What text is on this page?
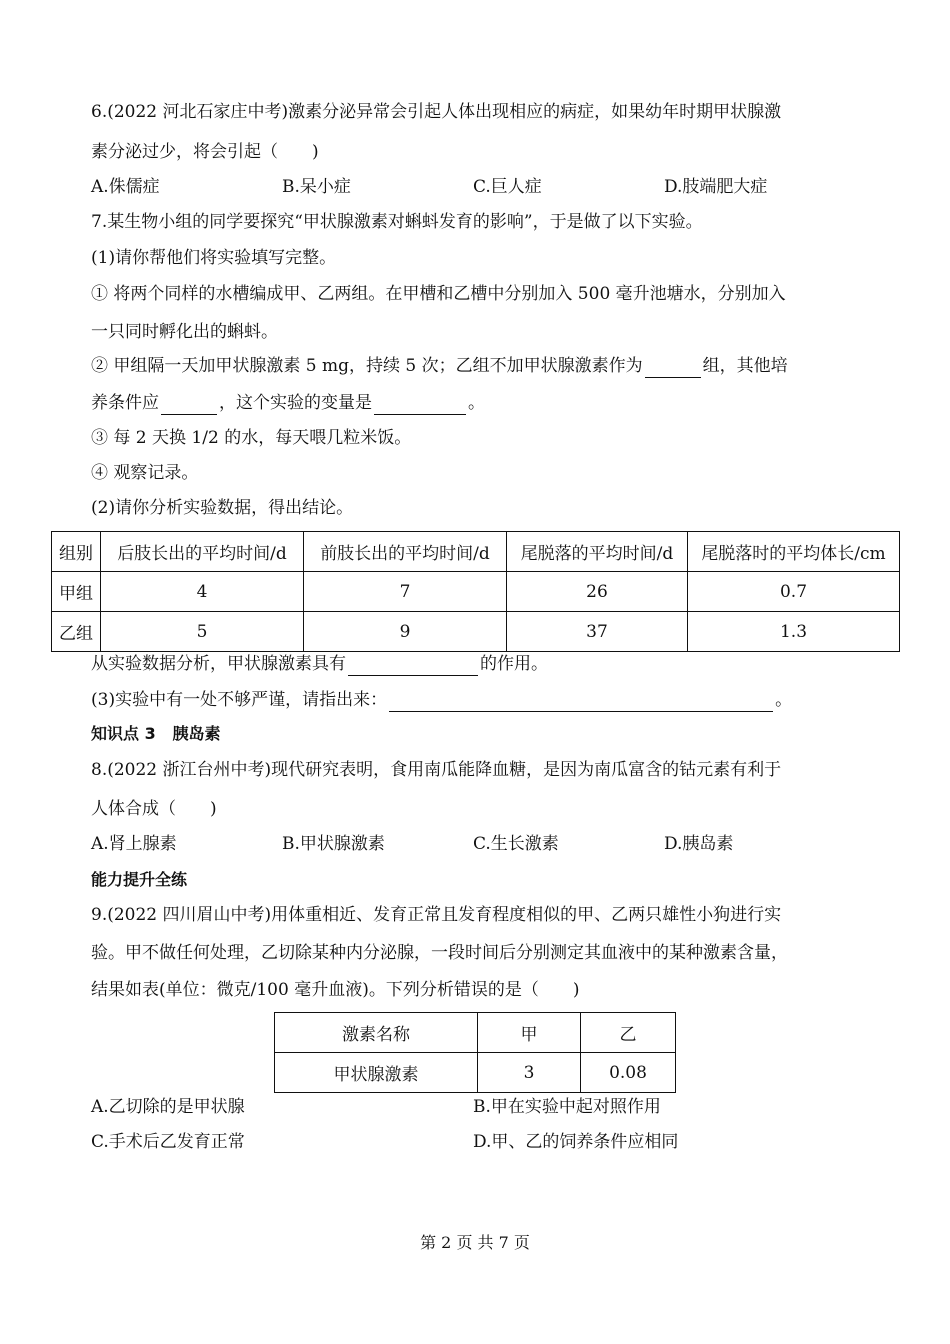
6.(2022 河北石家庄中考)激素分泌异常会引起人体出现相应的病症，如果幼年时期甲状腺激
素分泌过少，将会引起（　　)
A.侏儒症	B.呆小症	C.巨人症	D.肢端肥大症
7.某生物小组的同学要探究“甲状腺激素对蝌蚪发育的影响”，于是做了以下实验。
(1)请你帮他们将实验填写完整。
① 将两个同样的水槽编成甲、乙两组。在甲槽和乙槽中分别加入 500 毫升池塘水，分别加入
一只同时孵化出的蝌蚪。
② 甲组隔一天加甲状腺激素 5 mg，持续 5 次；乙组不加甲状腺激素作为	组，其他培
养条件应	，这个实验的变量是	。
③ 每 2 天换 1/2 的水，每天喂几粒米饭。
④ 观察记录。
(2)请你分析实验数据，得出结论。
组别	后肢长出的平均时间/d	前肢长出的平均时间/d	尾脱落的平均时间/d	尾脱落时的平均体长/cm
甲组	4	7	26	0.7
乙组	5	9	37	1.3
从实验数据分析，甲状腺激素具有	的作用。
(3)实验中有一处不够严谨，请指出来：	。
知识点 3 胰岛素
8.(2022 浙江台州中考)现代研究表明，食用南瓜能降血糖，是因为南瓜富含的钴元素有利于
人体合成（　　)
A.肾上腺素	B.甲状腺激素	C.生长激素	D.胰岛素
能力提升全练
9.(2022 四川眉山中考)用体重相近、发育正常且发育程度相似的甲、乙两只雄性小狗进行实
验。甲不做任何处理，乙切除某种内分泌腺，一段时间后分别测定其血液中的某种激素含量，
结果如表(单位：微克/100 毫升血液)。下列分析错误的是（　　)
激素名称	甲	乙
甲状腺激素	3	0.08
A.乙切除的是甲状腺	B.甲在实验中起对照作用
C.手术后乙发育正常	D.甲、乙的饲养条件应相同
第 2 页 共 7 页
